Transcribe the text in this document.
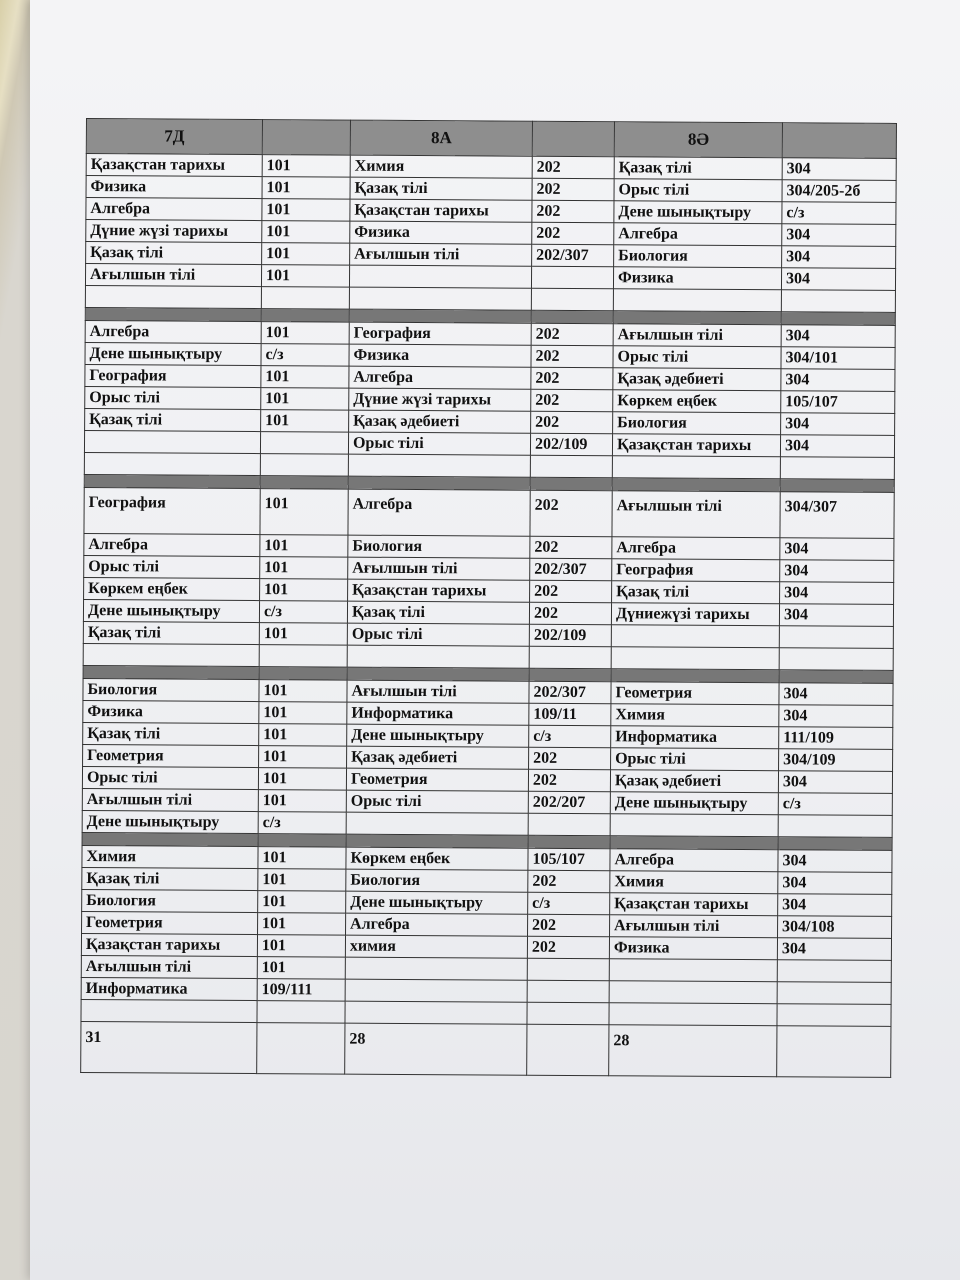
7Д		8А		8Ә	
Қазақстан тарихы	101	Химия	202	Қазақ тілі	304
Физика	101	Қазақ тілі	202	Орыс тілі	304/205-2б
Алгебра	101	Қазақстан тарихы	202	Дене шынықтыру	с/з
Дүние жүзі тарихы	101	Физика	202	Алгебра	304
Қазақ тілі	101	Ағылшын тілі	202/307	Биология	304
Ағылшын тілі	101			Физика	304

Алгебра	101	География	202	Ағылшын тілі	304
Дене шынықтыру	с/з	Физика	202	Орыс тілі	304/101
География	101	Алгебра	202	Қазақ әдебиеті	304
Орыс тілі	101	Дүние жүзі тарихы	202	Көркем еңбек	105/107
Қазақ тілі	101	Қазақ әдебиеті	202	Биология	304
		Орыс тілі	202/109	Қазақстан тарихы	304

География	101	Алгебра	202	Ағылшын тілі	304/307
Алгебра	101	Биология	202	Алгебра	304
Орыс тілі	101	Ағылшын тілі	202/307	География	304
Көркем еңбек	101	Қазақстан тарихы	202	Қазақ тілі	304
Дене шынықтыру	с/з	Қазақ тілі	202	Дүниежүзі тарихы	304
Қазақ тілі	101	Орыс тілі	202/109		

Биология	101	Ағылшын тілі	202/307	Геометрия	304
Физика	101	Информатика	109/11	Химия	304
Қазақ тілі	101	Дене шынықтыру	с/з	Информатика	111/109
Геометрия	101	Қазақ әдебиеті	202	Орыс тілі	304/109
Орыс тілі	101	Геометрия	202	Қазақ әдебиеті	304
Ағылшын тілі	101	Орыс тілі	202/207	Дене шынықтыру	с/з
Дене шынықтыру	с/з				

Химия	101	Көркем еңбек	105/107	Алгебра	304
Қазақ тілі	101	Биология	202	Химия	304
Биология	101	Дене шынықтыру	с/з	Қазақстан тарихы	304
Геометрия	101	Алгебра	202	Ағылшын тілі	304/108
Қазақстан тарихы	101	химия	202	Физика	304
Ағылшын тілі	101				
Информатика	109/111				

31		28		28	
